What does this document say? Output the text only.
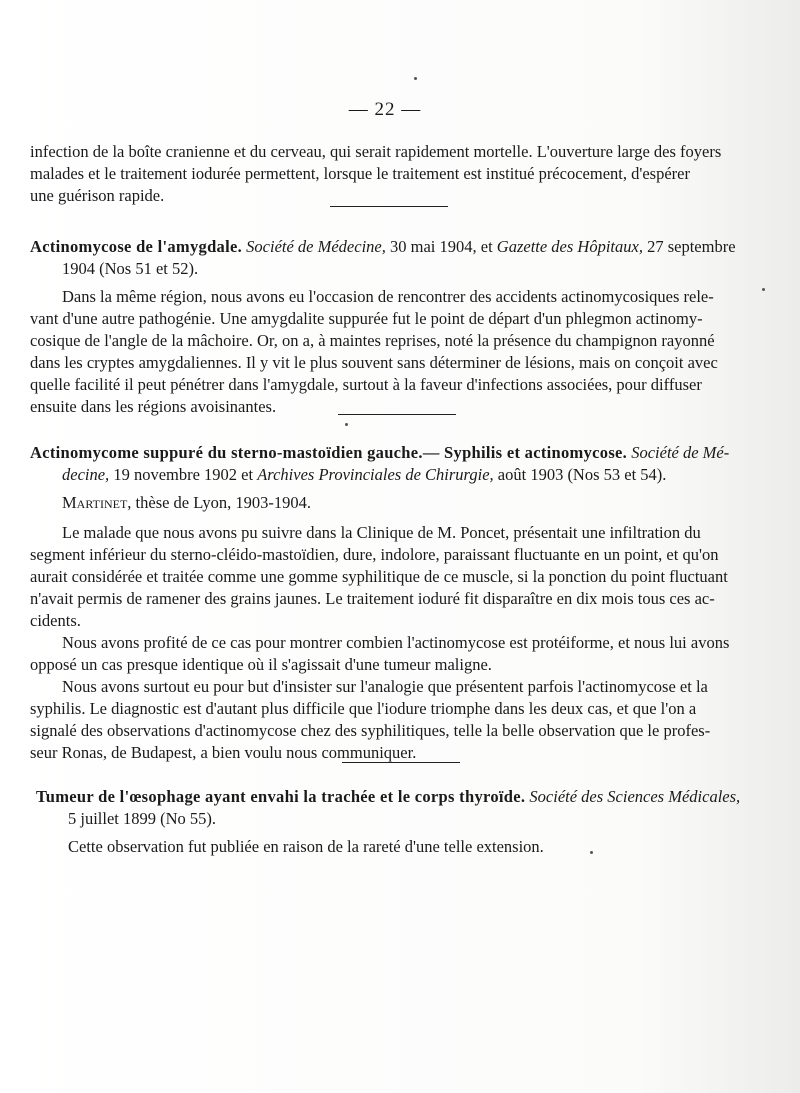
— 22 —

infection de la boîte cranienne et du cerveau, qui serait rapidement mortelle. L'ouverture large des foyers

malades et le traitement iodurée permettent, lorsque le traitement est institué précocement, d'espérer

une guérison rapide.

Actinomycose de l'amygdale. Société de Médecine, 30 mai 1904, et Gazette des Hôpitaux, 27 septembre

1904 (Nos 51 et 52).

Dans la même région, nous avons eu l'occasion de rencontrer des accidents actinomycosiques rele-

vant d'une autre pathogénie. Une amygdalite suppurée fut le point de départ d'un phlegmon actinomy-

cosique de l'angle de la mâchoire. Or, on a, à maintes reprises, noté la présence du champignon rayonné

dans les cryptes amygdaliennes. Il y vit le plus souvent sans déterminer de lésions, mais on conçoit avec

quelle facilité il peut pénétrer dans l'amygdale, surtout à la faveur d'infections associées, pour diffuser

ensuite dans les régions avoisinantes.

Actinomycome suppuré du sterno-mastoïdien gauche.— Syphilis et actinomycose. Société de Mé-

decine, 19 novembre 1902 et Archives Provinciales de Chirurgie, août 1903 (Nos 53 et 54).

Martinet, thèse de Lyon, 1903-1904.

Le malade que nous avons pu suivre dans la Clinique de M. Poncet, présentait une infiltration du

segment inférieur du sterno-cléido-mastoïdien, dure, indolore, paraissant fluctuante en un point, et qu'on

aurait considérée et traitée comme une gomme syphilitique de ce muscle, si la ponction du point fluctuant

n'avait permis de ramener des grains jaunes. Le traitement ioduré fit disparaître en dix mois tous ces ac-

cidents.

Nous avons profité de ce cas pour montrer combien l'actinomycose est protéiforme, et nous lui avons

opposé un cas presque identique où il s'agissait d'une tumeur maligne.

Nous avons surtout eu pour but d'insister sur l'analogie que présentent parfois l'actinomycose et la

syphilis. Le diagnostic est d'autant plus difficile que l'iodure triomphe dans les deux cas, et que l'on a

signalé des observations d'actinomycose chez des syphilitiques, telle la belle observation que le profes-

seur Ronas, de Budapest, a bien voulu nous communiquer.

Tumeur de l'œsophage ayant envahi la trachée et le corps thyroïde. Société des Sciences Médicales,

5 juillet 1899 (No 55).

Cette observation fut publiée en raison de la rareté d'une telle extension.
